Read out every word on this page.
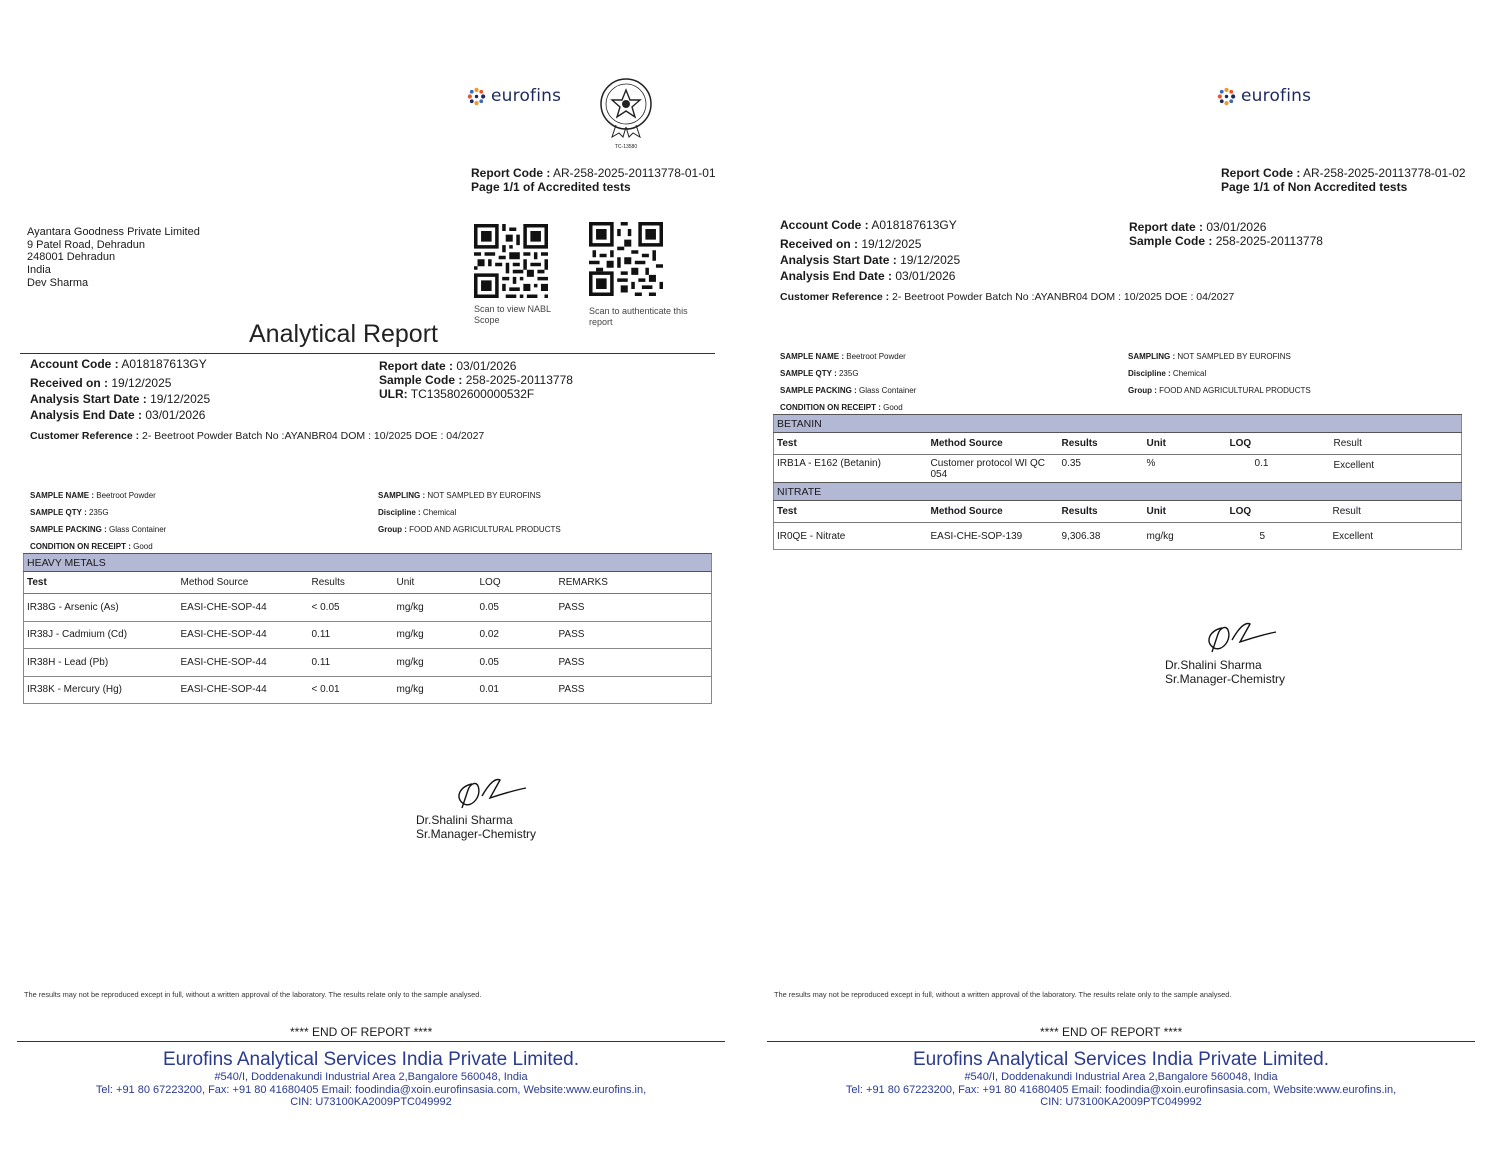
eurofins
TC-13580
Report Code : AR-258-2025-20113778-01-01
Page 1/1 of Accredited tests
Ayantara Goodness Private Limited
9 Patel Road, Dehradun
248001 Dehradun
India
Dev Sharma
Scan to view NABL Scope
Scan to authenticate this report
Analytical Report
Account Code : A018187613GY
Received on : 19/12/2025
Analysis Start Date : 19/12/2025
Analysis End Date : 03/01/2026
Report date : 03/01/2026
Sample Code : 258-2025-20113778
ULR: TC135802600000532F
Customer Reference : 2- Beetroot Powder Batch No :AYANBR04 DOM : 10/2025 DOE : 04/2027
SAMPLE NAME : Beetroot Powder
SAMPLE QTY : 235G
SAMPLE PACKING : Glass Container
CONDITION ON RECEIPT : Good
SAMPLING : NOT SAMPLED BY EUROFINS
Discipline : Chemical
Group : FOOD AND AGRICULTURAL PRODUCTS
HEAVY METALS					
Test	Method Source	Results	Unit	LOQ	REMARKS
IR38G - Arsenic (As)	EASI-CHE-SOP-44	< 0.05	mg/kg	0.05	PASS
IR38J - Cadmium (Cd)	EASI-CHE-SOP-44	0.11	mg/kg	0.02	PASS
IR38H - Lead (Pb)	EASI-CHE-SOP-44	0.11	mg/kg	0.05	PASS
IR38K - Mercury (Hg)	EASI-CHE-SOP-44	< 0.01	mg/kg	0.01	PASS
Dr.Shalini Sharma
Sr.Manager-Chemistry
The results may not be reproduced except in full, without a written approval of the laboratory. The results relate only to the sample analysed.
**** END OF REPORT ****
Eurofins Analytical Services India Private Limited.
#540/I, Doddenakundi Industrial Area 2,Bangalore 560048, India
Tel: +91 80 67223200, Fax: +91 80 41680405 Email: foodindia@xoin.eurofinsasia.com, Website:www.eurofins.in,
CIN: U73100KA2009PTC049992
eurofins
Report Code : AR-258-2025-20113778-01-02
Page 1/1 of Non Accredited tests
Account Code : A018187613GY
Received on : 19/12/2025
Analysis Start Date : 19/12/2025
Analysis End Date : 03/01/2026
Report date : 03/01/2026
Sample Code : 258-2025-20113778
Customer Reference : 2- Beetroot Powder Batch No :AYANBR04 DOM : 10/2025 DOE : 04/2027
SAMPLE NAME : Beetroot Powder
SAMPLE QTY : 235G
SAMPLE PACKING : Glass Container
CONDITION ON RECEIPT : Good
SAMPLING : NOT SAMPLED BY EUROFINS
Discipline : Chemical
Group : FOOD AND AGRICULTURAL PRODUCTS
BETANIN					
Test	Method Source	Results	Unit	LOQ	Result
IRB1A - E162 (Betanin)	Customer protocol WI QC 054	0.35	%	0.1	Excellent
NITRATE					
Test	Method Source	Results	Unit	LOQ	Result
IR0QE - Nitrate	EASI-CHE-SOP-139	9,306.38	mg/kg	5	Excellent
Dr.Shalini Sharma
Sr.Manager-Chemistry
The results may not be reproduced except in full, without a written approval of the laboratory. The results relate only to the sample analysed.
**** END OF REPORT ****
Eurofins Analytical Services India Private Limited.
#540/I, Doddenakundi Industrial Area 2,Bangalore 560048, India
Tel: +91 80 67223200, Fax: +91 80 41680405 Email: foodindia@xoin.eurofinsasia.com, Website:www.eurofins.in,
CIN: U73100KA2009PTC049992
